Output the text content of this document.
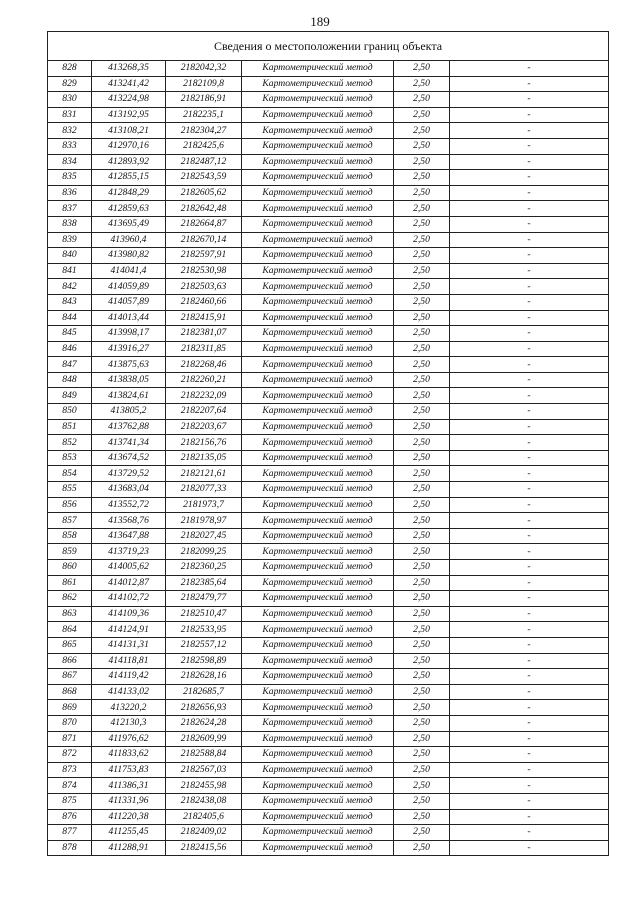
189
Сведения о местоположении границ объекта					
828	413268,35	2182042,32	Картометрический метод	2,50	-
829	413241,42	2182109,8	Картометрический метод	2,50	-
830	413224,98	2182186,91	Картометрический метод	2,50	-
831	413192,95	2182235,1	Картометрический метод	2,50	-
832	413108,21	2182304,27	Картометрический метод	2,50	-
833	412970,16	2182425,6	Картометрический метод	2,50	-
834	412893,92	2182487,12	Картометрический метод	2,50	-
835	412855,15	2182543,59	Картометрический метод	2,50	-
836	412848,29	2182605,62	Картометрический метод	2,50	-
837	412859,63	2182642,48	Картометрический метод	2,50	-
838	413695,49	2182664,87	Картометрический метод	2,50	-
839	413960,4	2182670,14	Картометрический метод	2,50	-
840	413980,82	2182597,91	Картометрический метод	2,50	-
841	414041,4	2182530,98	Картометрический метод	2,50	-
842	414059,89	2182503,63	Картометрический метод	2,50	-
843	414057,89	2182460,66	Картометрический метод	2,50	-
844	414013,44	2182415,91	Картометрический метод	2,50	-
845	413998,17	2182381,07	Картометрический метод	2,50	-
846	413916,27	2182311,85	Картометрический метод	2,50	-
847	413875,63	2182268,46	Картометрический метод	2,50	-
848	413838,05	2182260,21	Картометрический метод	2,50	-
849	413824,61	2182232,09	Картометрический метод	2,50	-
850	413805,2	2182207,64	Картометрический метод	2,50	-
851	413762,88	2182203,67	Картометрический метод	2,50	-
852	413741,34	2182156,76	Картометрический метод	2,50	-
853	413674,52	2182135,05	Картометрический метод	2,50	-
854	413729,52	2182121,61	Картометрический метод	2,50	-
855	413683,04	2182077,33	Картометрический метод	2,50	-
856	413552,72	2181973,7	Картометрический метод	2,50	-
857	413568,76	2181978,97	Картометрический метод	2,50	-
858	413647,88	2182027,45	Картометрический метод	2,50	-
859	413719,23	2182099,25	Картометрический метод	2,50	-
860	414005,62	2182360,25	Картометрический метод	2,50	-
861	414012,87	2182385,64	Картометрический метод	2,50	-
862	414102,72	2182479,77	Картометрический метод	2,50	-
863	414109,36	2182510,47	Картометрический метод	2,50	-
864	414124,91	2182533,95	Картометрический метод	2,50	-
865	414131,31	2182557,12	Картометрический метод	2,50	-
866	414118,81	2182598,89	Картометрический метод	2,50	-
867	414119,42	2182628,16	Картометрический метод	2,50	-
868	414133,02	2182685,7	Картометрический метод	2,50	-
869	413220,2	2182656,93	Картометрический метод	2,50	-
870	412130,3	2182624,28	Картометрический метод	2,50	-
871	411976,62	2182609,99	Картометрический метод	2,50	-
872	411833,62	2182588,84	Картометрический метод	2,50	-
873	411753,83	2182567,03	Картометрический метод	2,50	-
874	411386,31	2182455,98	Картометрический метод	2,50	-
875	411331,96	2182438,08	Картометрический метод	2,50	-
876	411220,38	2182405,6	Картометрический метод	2,50	-
877	411255,45	2182409,02	Картометрический метод	2,50	-
878	411288,91	2182415,56	Картометрический метод	2,50	-
